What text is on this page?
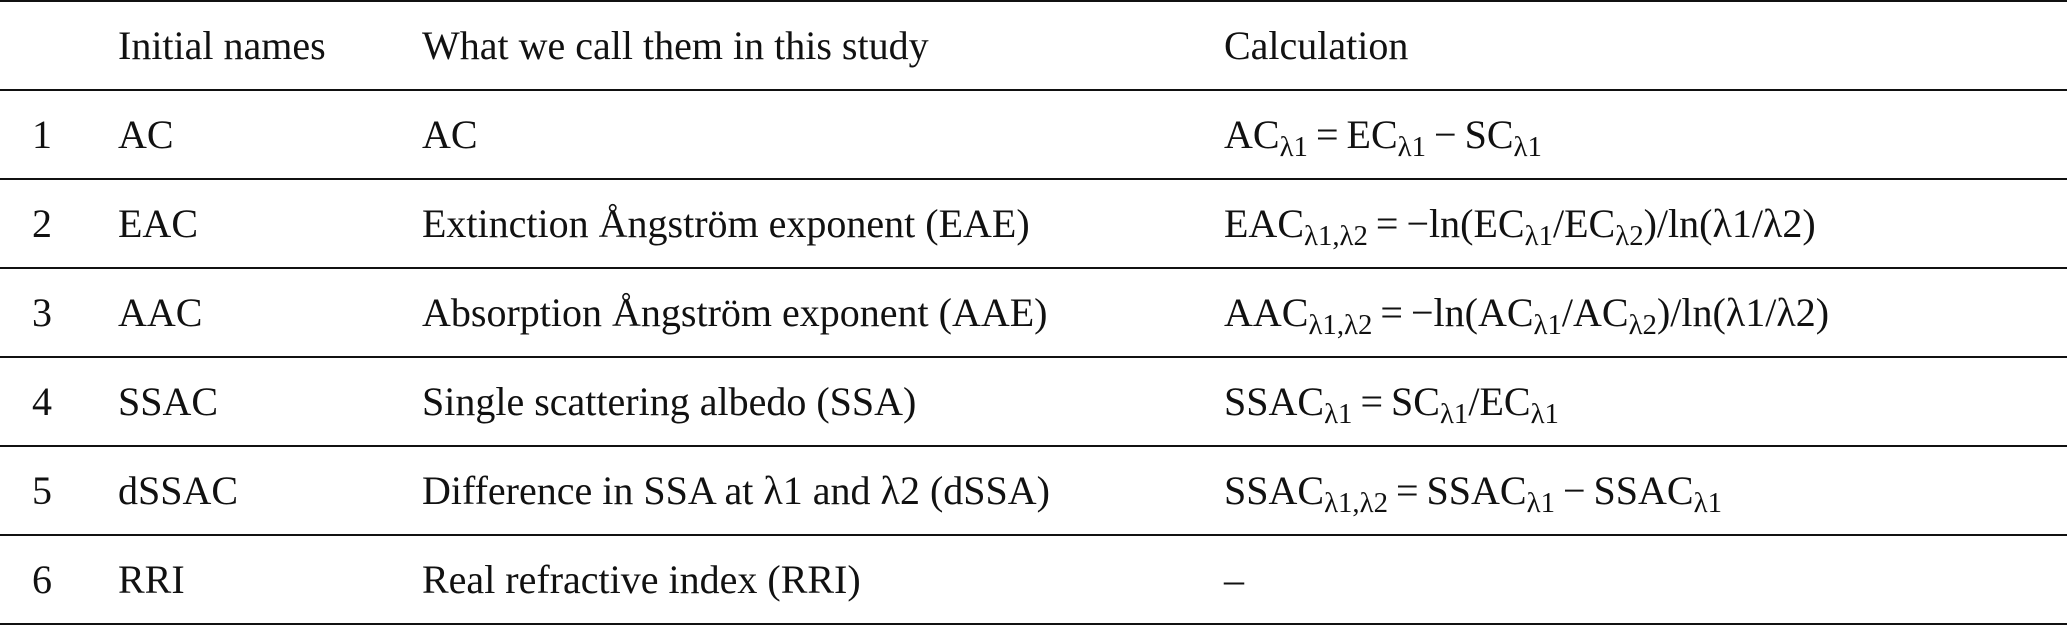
	Initial names	What we call them in this study	Calculation
1	AC	AC	$AC_{\lambda 1} = EC_{\lambda 1} - SC_{\lambda 1}$
2	EAC	Extinction Ångström exponent (EAE)	$EAC_{\lambda 1,\lambda 2} = -\ln(EC_{\lambda 1}/EC_{\lambda 2})/\ln(\lambda 1/\lambda 2)$
3	AAC	Absorption Ångström exponent (AAE)	$AAC_{\lambda 1,\lambda 2} = -\ln(AC_{\lambda 1}/AC_{\lambda 2})/\ln(\lambda 1/\lambda 2)$
4	SSAC	Single scattering albedo (SSA)	$SSAC_{\lambda 1} = SC_{\lambda 1}/EC_{\lambda 1}$
5	dSSAC	Difference in SSA at λ1 and λ2 (dSSA)	$SSAC_{\lambda 1,\lambda 2}$ = $SSAC_{\lambda 1}$ − $SSAC_{\lambda 1}$
6	RRI	Real refractive index (RRI)	–
